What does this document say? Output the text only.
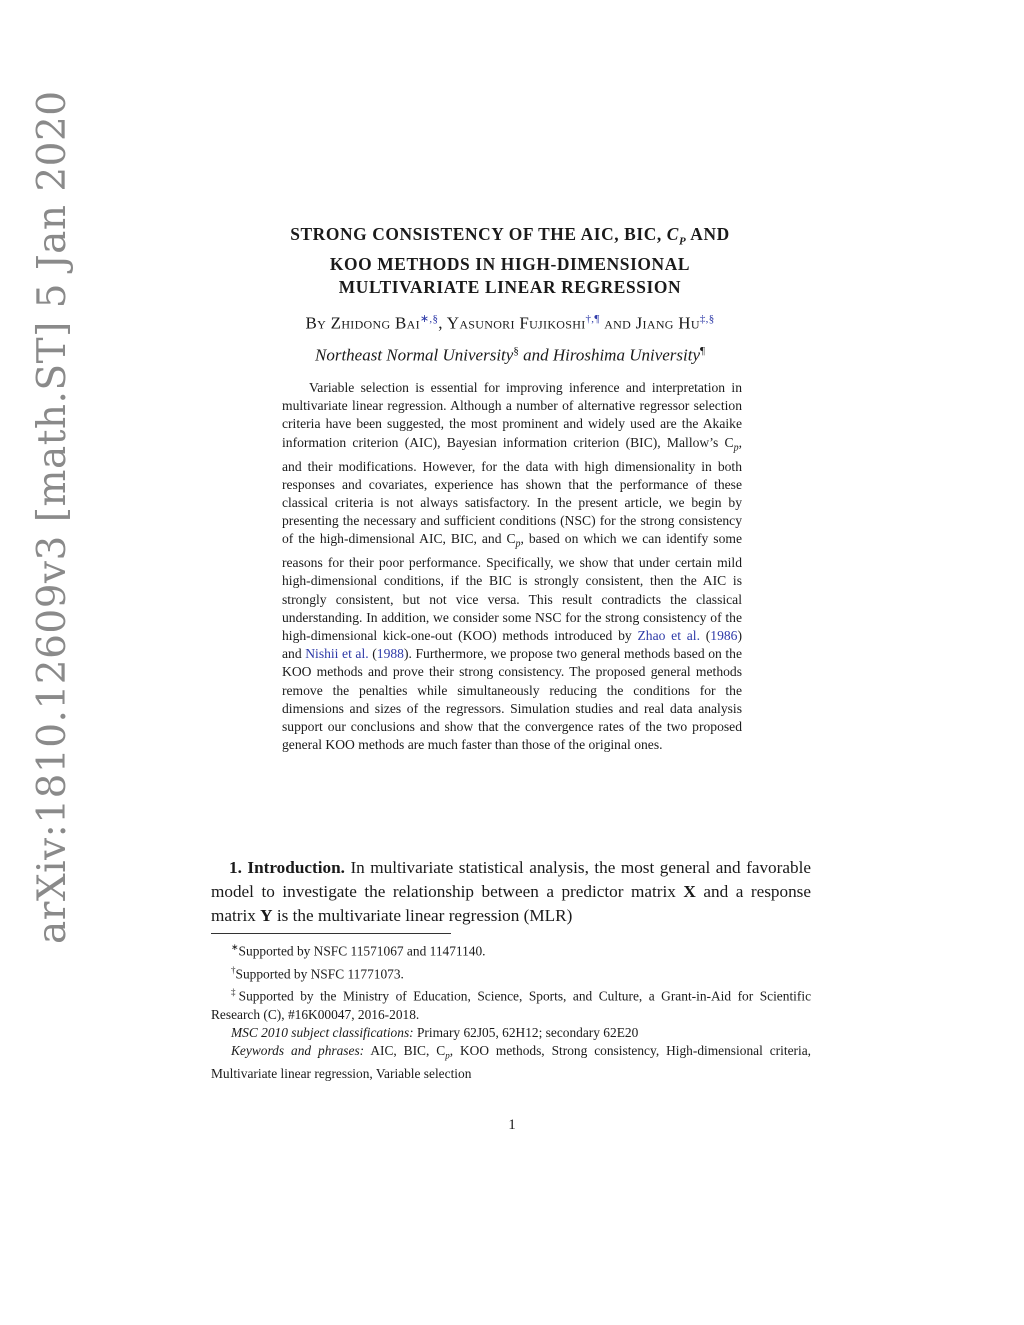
arXiv:1810.12609v3 [math.ST] 5 Jan 2020	STRONG CONSISTENCY OF THE AIC, BIC, $C_P$ AND
KOO METHODS IN HIGH-DIMENSIONAL
MULTIVARIATE LINEAR REGRESSION
By Zhidong Bai∗,§, Yasunori Fujikoshi†,¶ and Jiang Hu‡,§
Northeast Normal University§ and Hiroshima University¶
Variable selection is essential for improving inference and interpretation in multivariate linear regression. Although a number of alternative regressor selection criteria have been suggested, the most prominent and widely used are the Akaike information criterion (AIC), Bayesian information criterion (BIC), Mallow’s $C_p$, and their modifications. However, for the data with high dimensionality in both responses and covariates, experience has shown that the performance of these classical criteria is not always satisfactory. In the present article, we begin by presenting the necessary and sufficient conditions (NSC) for the strong consistency of the high-dimensional AIC, BIC, and $C_p$, based on which we can identify some reasons for their poor performance. Specifically, we show that under certain mild high-dimensional conditions, if the BIC is strongly consistent, then the AIC is strongly consistent, but not vice versa. This result contradicts the classical understanding. In addition, we consider some NSC for the strong consistency of the high-dimensional kick-one-out (KOO) methods introduced by Zhao et al. (1986) and Nishii et al. (1988). Furthermore, we propose two general methods based on the KOO methods and prove their strong consistency. The proposed general methods remove the penalties while simultaneously reducing the conditions for the dimensions and sizes of the regressors. Simulation studies and real data analysis support our conclusions and show that the convergence rates of the two proposed general KOO methods are much faster than those of the original ones.
1. Introduction. In multivariate statistical analysis, the most general and favorable model to investigate the relationship between a predictor matrix X and a response matrix Y is the multivariate linear regression (MLR)
∗Supported by NSFC 11571067 and 11471140.
†Supported by NSFC 11771073.
‡Supported by the Ministry of Education, Science, Sports, and Culture, a Grant-in-Aid for Scientific Research (C), #16K00047, 2016-2018.
MSC 2010 subject classifications: Primary 62J05, 62H12; secondary 62E20
Keywords and phrases: AIC, BIC, $C_p$, KOO methods, Strong consistency, High-dimensional criteria, Multivariate linear regression, Variable selection
1
